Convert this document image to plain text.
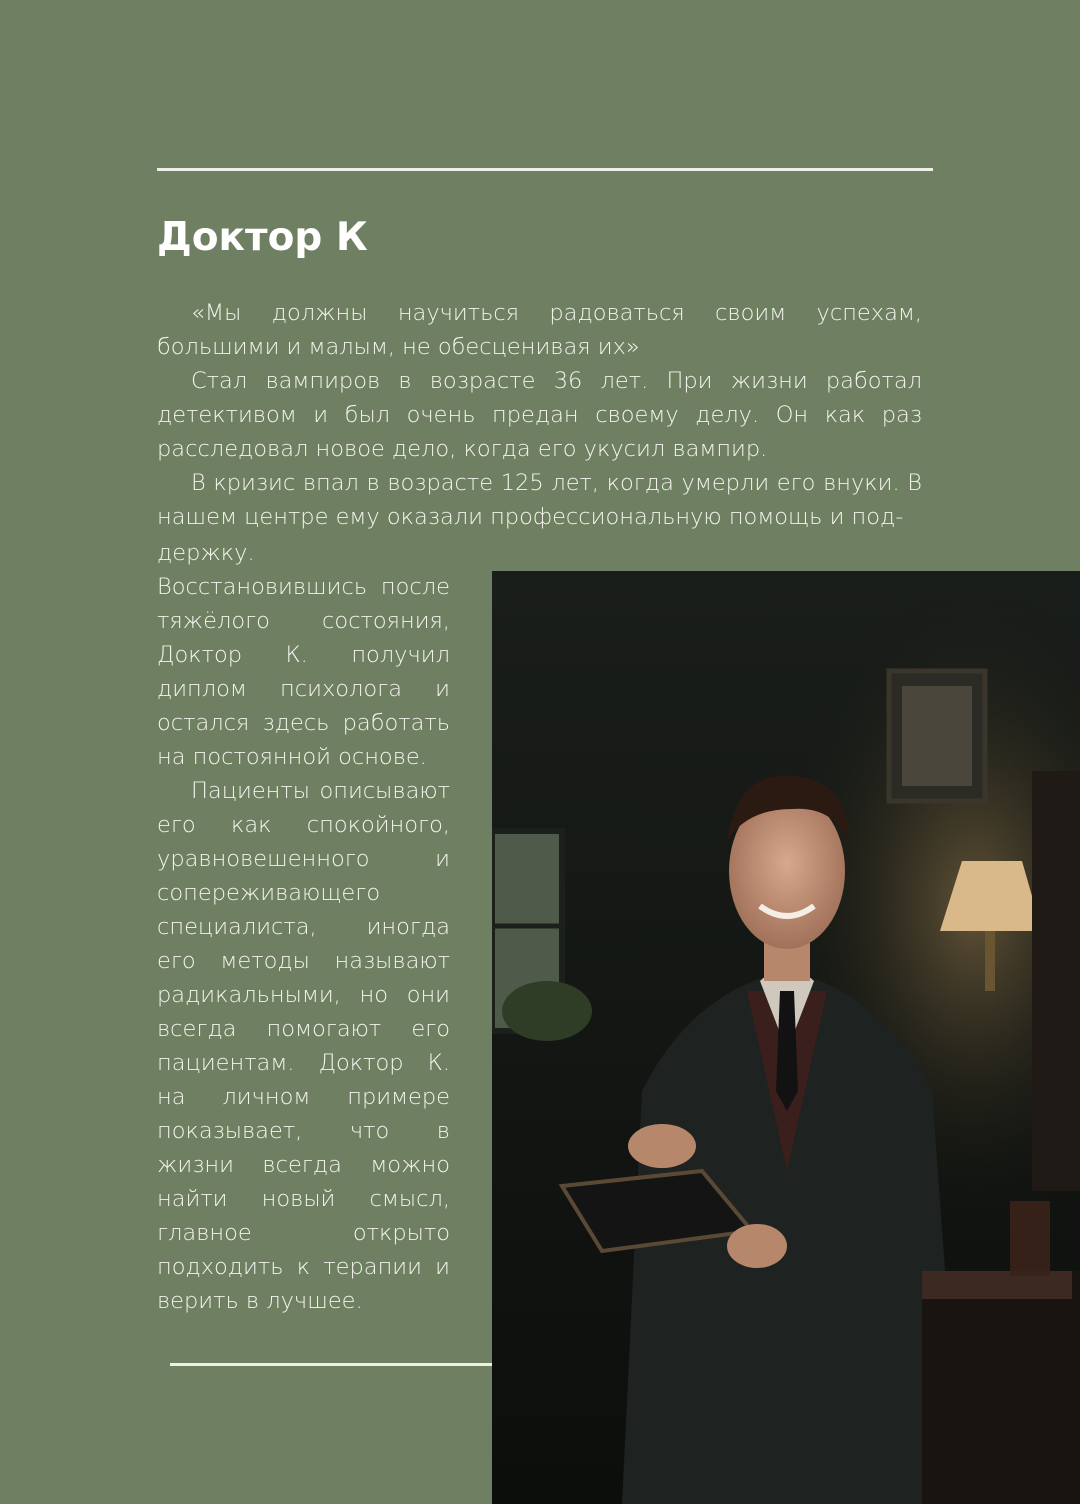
Доктор К

«Мы должны научиться радоваться своим успехам, большими и малым, не обесценивая их»

Стал вампиров в возрасте 36 лет. При жизни работал детективом и был очень предан своему делу. Он как раз расследовал новое дело, когда его укусил вампир.

В кризис впал в возрасте 125 лет, когда умерли его внуки. В нашем центре ему оказали профессиональную помощь и под-

держку. Восстановившись после тяжёлого состояния, Доктор К. получил диплом психолога и остался здесь работать на постоянной основе.

Пациенты описывают его как спокойного, уравновешенного и сопереживающего специалиста, иногда его методы называют радикальными, но они всегда помогают его пациентам. Доктор К. на личном примере показывает, что в жизни всегда можно найти новый смысл, главное открыто подходить к терапии и верить в лучшее.
